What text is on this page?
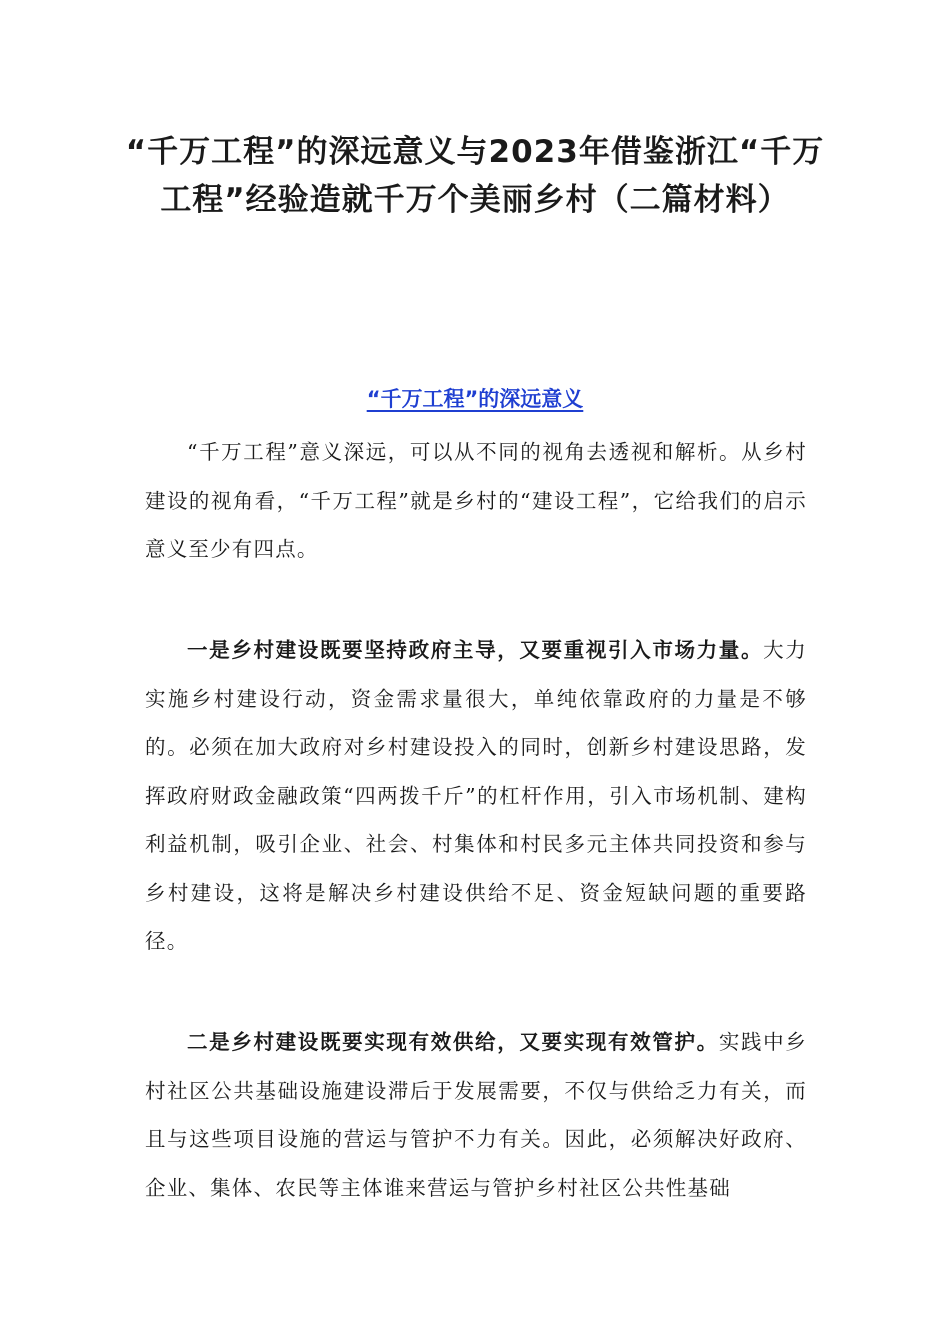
“千万工程”的深远意义与2023年借鉴浙江“千万工程”经验造就千万个美丽乡村（二篇材料）
“千万工程”的深远意义

“千万工程”意义深远，可以从不同的视角去透视和解析。从乡村建设的视角看，“千万工程”就是乡村的“建设工程”，它给我们的启示意义至少有四点。

一是乡村建设既要坚持政府主导，又要重视引入市场力量。大力实施乡村建设行动，资金需求量很大，单纯依靠政府的力量是不够的。必须在加大政府对乡村建设投入的同时，创新乡村建设思路，发挥政府财政金融政策“四两拨千斤”的杠杆作用，引入市场机制、建构利益机制，吸引企业、社会、村集体和村民多元主体共同投资和参与乡村建设，这将是解决乡村建设供给不足、资金短缺问题的重要路径。

二是乡村建设既要实现有效供给，又要实现有效管护。实践中乡村社区公共基础设施建设滞后于发展需要，不仅与供给乏力有关，而且与这些项目设施的营运与管护不力有关。因此，必须解决好政府、企业、集体、农民等主体谁来营运与管护乡村社区公共性基础
